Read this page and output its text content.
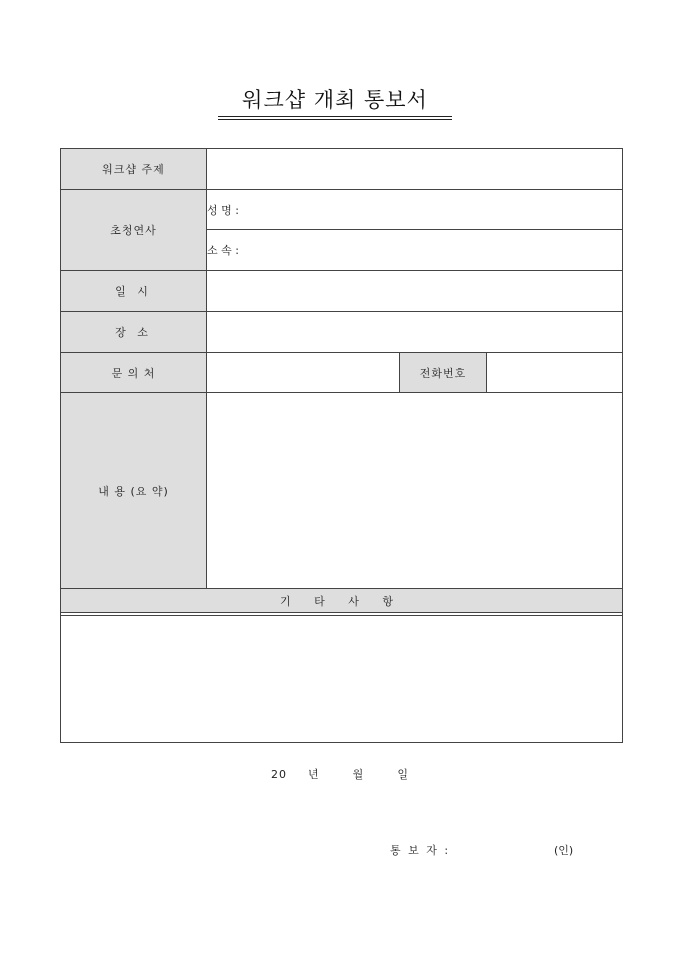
워크샵 개최 통보서
워크샵 주제			
초청연사	성 명 :		
	소 속 :		
일 시			
장 소			
문 의 처		전화번호	
내 용 (요 약)			
기 타 사 항			

20 년	월	일
통 보 자 :	(인)
